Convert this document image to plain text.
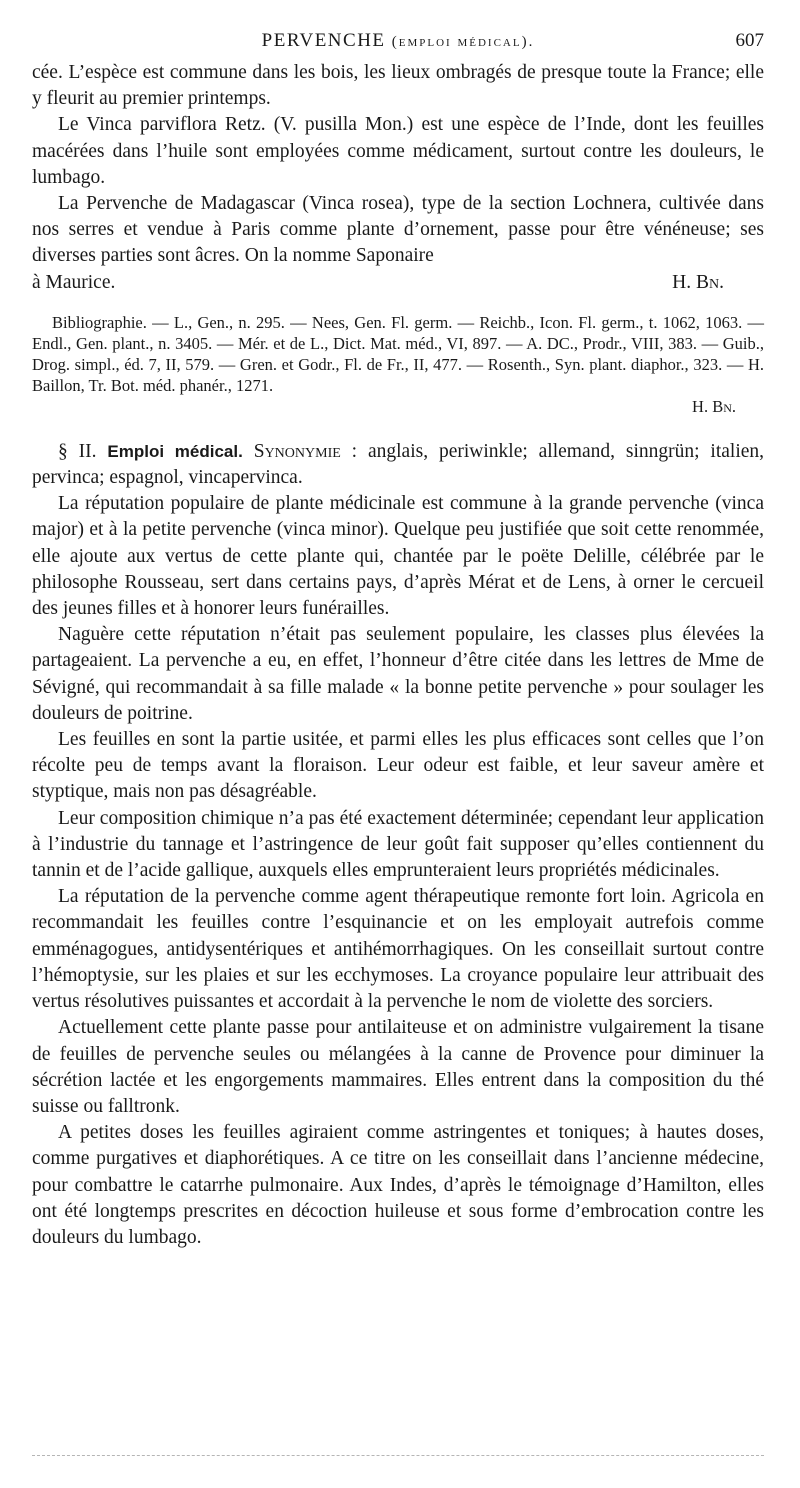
PERVENCHE (emploi médical).	607

cée. L’espèce est commune dans les bois, les lieux ombragés de presque toute la France; elle y fleurit au premier printemps.

Le Vinca parviflora Retz. (V. pusilla Mon.) est une espèce de l’Inde, dont les feuilles macérées dans l’huile sont employées comme médicament, surtout contre les douleurs, le lumbago.

La Pervenche de Madagascar (Vinca rosea), type de la section Lochnera, cultivée dans nos serres et vendue à Paris comme plante d’ornement, passe pour être vénéneuse; ses diverses parties sont âcres. On la nomme Saponaire

à Maurice.	H. Bn.
Bibliographie. — L., Gen., n. 295. — Nees, Gen. Fl. germ. — Reichb., Icon. Fl. germ., t. 1062, 1063. — Endl., Gen. plant., n. 3405. — Mér. et de L., Dict. Mat. méd., VI, 897. — A. DC., Prodr., VIII, 383. — Guib., Drog. simpl., éd. 7, II, 579. — Gren. et Godr., Fl. de Fr., II, 477. — Rosenth., Syn. plant. diaphor., 323. — H. Baillon, Tr. Bot. méd. phanér., 1271.
H. Bn.
§ II. Emploi médical. Synonymie : anglais, periwinkle; allemand, sinngrün; italien, pervinca; espagnol, vincapervinca.

La réputation populaire de plante médicinale est commune à la grande pervenche (vinca major) et à la petite pervenche (vinca minor). Quelque peu justifiée que soit cette renommée, elle ajoute aux vertus de cette plante qui, chantée par le poëte Delille, célébrée par le philosophe Rousseau, sert dans certains pays, d’après Mérat et de Lens, à orner le cercueil des jeunes filles et à honorer leurs funérailles.

Naguère cette réputation n’était pas seulement populaire, les classes plus élevées la partageaient. La pervenche a eu, en effet, l’honneur d’être citée dans les lettres de Mme de Sévigné, qui recommandait à sa fille malade « la bonne petite pervenche » pour soulager les douleurs de poitrine.

Les feuilles en sont la partie usitée, et parmi elles les plus efficaces sont celles que l’on récolte peu de temps avant la floraison. Leur odeur est faible, et leur saveur amère et styptique, mais non pas désagréable.

Leur composition chimique n’a pas été exactement déterminée; cependant leur application à l’industrie du tannage et l’astringence de leur goût fait supposer qu’elles contiennent du tannin et de l’acide gallique, auxquels elles emprunteraient leurs propriétés médicinales.

La réputation de la pervenche comme agent thérapeutique remonte fort loin. Agricola en recommandait les feuilles contre l’esquinancie et on les employait autrefois comme emménagogues, antidysentériques et antihémorrhagiques. On les conseillait surtout contre l’hémoptysie, sur les plaies et sur les ecchymoses. La croyance populaire leur attribuait des vertus résolutives puissantes et accordait à la pervenche le nom de violette des sorciers.

Actuellement cette plante passe pour antilaiteuse et on administre vulgairement la tisane de feuilles de pervenche seules ou mélangées à la canne de Provence pour diminuer la sécrétion lactée et les engorgements mammaires. Elles entrent dans la composition du thé suisse ou falltronk.

A petites doses les feuilles agiraient comme astringentes et toniques; à hautes doses, comme purgatives et diaphorétiques. A ce titre on les conseillait dans l’ancienne médecine, pour combattre le catarrhe pulmonaire. Aux Indes, d’après le témoignage d’Hamilton, elles ont été longtemps prescrites en décoction huileuse et sous forme d’embrocation contre les douleurs du lumbago.
